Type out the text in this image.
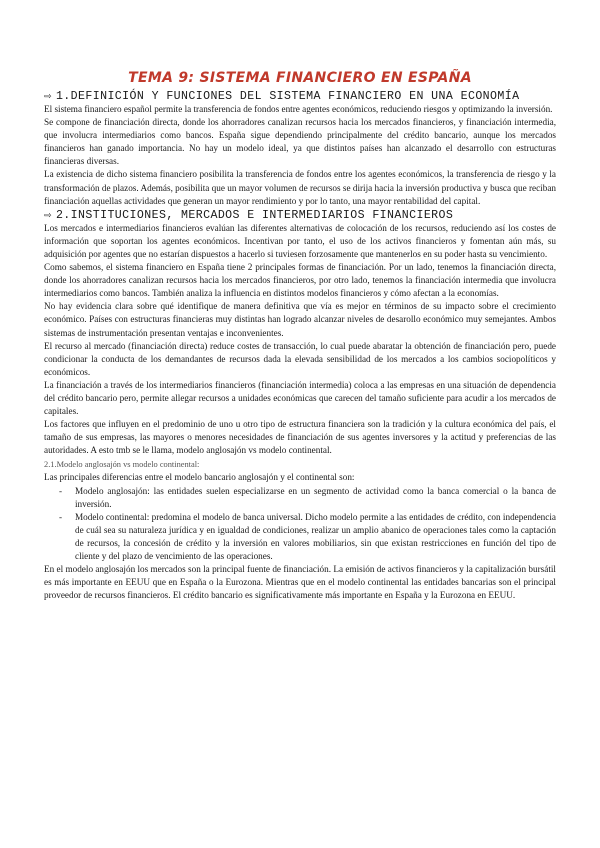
TEMA 9: SISTEMA FINANCIERO EN ESPAÑA
⇨ 1.DEFINICIÓN Y FUNCIONES DEL SISTEMA FINANCIERO EN UNA ECONOMÍA

El sistema financiero español permite la transferencia de fondos entre agentes económicos, reduciendo riesgos y optimizando la inversión.

Se compone de financiación directa, donde los ahorradores canalizan recursos hacia los mercados financieros, y financiación intermedia, que involucra intermediarios como bancos. España sigue dependiendo principalmente del crédito bancario, aunque los mercados financieros han ganado importancia. No hay un modelo ideal, ya que distintos países han alcanzado el desarrollo con estructuras financieras diversas.

La existencia de dicho sistema financiero posibilita la transferencia de fondos entre los agentes económicos, la transferencia de riesgo y la transformación de plazos. Además, posibilita que un mayor volumen de recursos se dirija hacia la inversión productiva y busca que reciban financiación aquellas actividades que generan un mayor rendimiento y por lo tanto, una mayor rentabilidad del capital.

⇨ 2.INSTITUCIONES, MERCADOS E INTERMEDIARIOS FINANCIEROS

Los mercados e intermediarios financieros evalúan las diferentes alternativas de colocación de los recursos, reduciendo así los costes de información que soportan los agentes económicos. Incentivan por tanto, el uso de los activos financieros y fomentan aún más, su adquisición por agentes que no estarían dispuestos a hacerlo si tuviesen forzosamente que mantenerlos en su poder hasta su vencimiento.

Como sabemos, el sistema financiero en España tiene 2 principales formas de financiación. Por un lado, tenemos la financiación directa, donde los ahorradores canalizan recursos hacia los mercados financieros, por otro lado, tenemos la financiación intermedia que involucra intermediarios como bancos. También analiza la influencia en distintos modelos financieros y cómo afectan a la economías.

No hay evidencia clara sobre qué identifique de manera definitiva que vía es mejor en términos de su impacto sobre el crecimiento económico. Países con estructuras financieras muy distintas han logrado alcanzar niveles de desarollo económico muy semejantes. Ambos sistemas de instrumentación presentan ventajas e inconvenientes.

El recurso al mercado (financiación directa) reduce costes de transacción, lo cual puede abaratar la obtención de financiación pero, puede condicionar la conducta de los demandantes de recursos dada la elevada sensibilidad de los mercados a los cambios sociopolíticos y económicos.

La financiación a través de los intermediarios financieros (financiación intermedia) coloca a las empresas en una situación de dependencia del crédito bancario pero, permite allegar recursos a unidades económicas que carecen del tamaño suficiente para acudir a los mercados de capitales.

Los factores que influyen en el predominio de uno u otro tipo de estructura financiera son la tradición y la cultura económica del país, el tamaño de sus empresas, las mayores o menores necesidades de financiación de sus agentes inversores y la actitud y preferencias de las autoridades. A esto tmb se le llama, modelo anglosajón vs modelo continental.

2.1.Modelo anglosajón vs modelo continental:

Las principales diferencias entre el modelo bancario anglosajón y el continental son:

- Modelo anglosajón: las entidades suelen especializarse en un segmento de actividad como la banca comercial o la banca de inversión.
- Modelo continental: predomina el modelo de banca universal. Dicho modelo permite a las entidades de crédito, con independencia de cuál sea su naturaleza jurídica y en igualdad de condiciones, realizar un amplio abanico de operaciones tales como la captación de recursos, la concesión de crédito y la inversión en valores mobiliarios, sin que existan restricciones en función del tipo de cliente y del plazo de vencimiento de las operaciones.

En el modelo anglosajón los mercados son la principal fuente de financiación. La emisión de activos financieros y la capitalización bursátil es más importante en EEUU que en España o la Eurozona. Mientras que en el modelo continental las entidades bancarias son el principal proveedor de recursos financieros. El crédito bancario es significativamente más importante en España y la Eurozona en EEUU.
